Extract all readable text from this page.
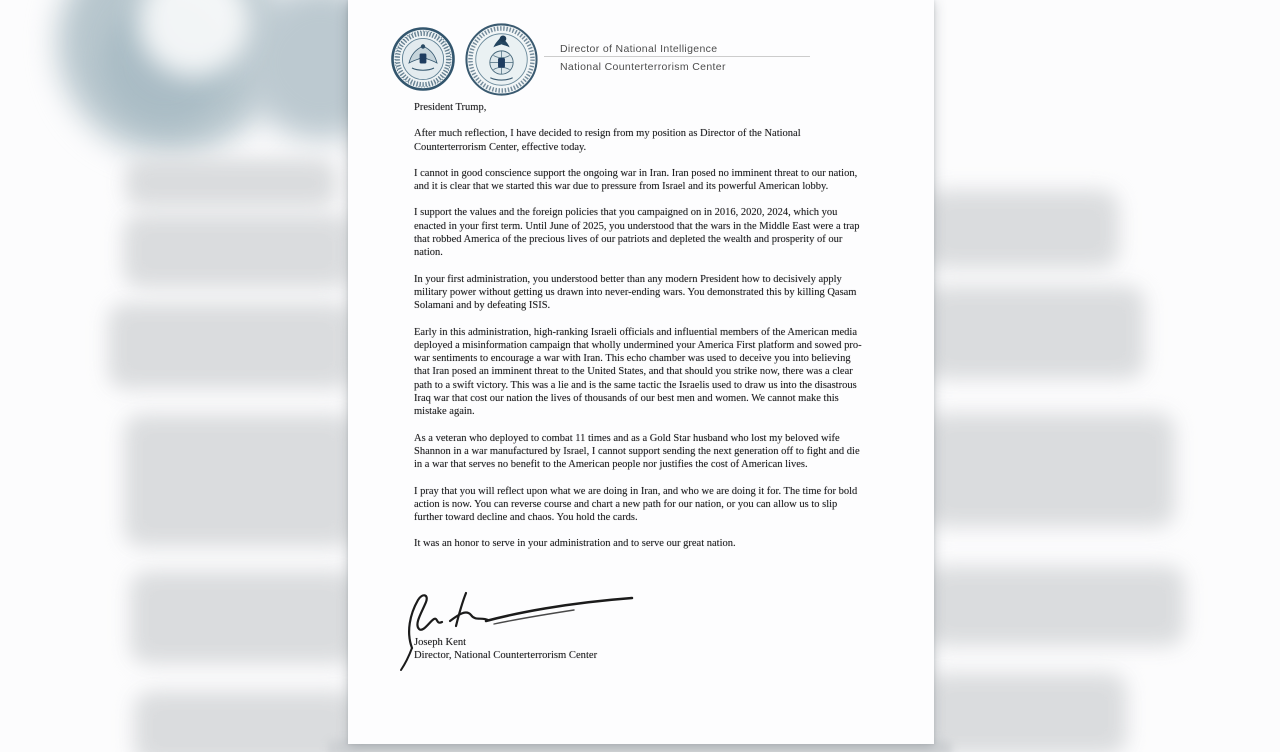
Director of National Intelligence
National Counterterrorism Center

President Trump,

After much reflection, I have decided to resign from my position as Director of the National Counterterrorism Center, effective today.

I cannot in good conscience support the ongoing war in Iran. Iran posed no imminent threat to our nation, and it is clear that we started this war due to pressure from Israel and its powerful American lobby.

I support the values and the foreign policies that you campaigned on in 2016, 2020, 2024, which you enacted in your first term. Until June of 2025, you understood that the wars in the Middle East were a trap that robbed America of the precious lives of our patriots and depleted the wealth and prosperity of our nation.

In your first administration, you understood better than any modern President how to decisively apply military power without getting us drawn into never-ending wars. You demonstrated this by killing Qasam Solamani and by defeating ISIS.

Early in this administration, high-ranking Israeli officials and influential members of the American media deployed a misinformation campaign that wholly undermined your America First platform and sowed pro-war sentiments to encourage a war with Iran. This echo chamber was used to deceive you into believing that Iran posed an imminent threat to the United States, and that should you strike now, there was a clear path to a swift victory. This was a lie and is the same tactic the Israelis used to draw us into the disastrous Iraq war that cost our nation the lives of thousands of our best men and women. We cannot make this mistake again.

As a veteran who deployed to combat 11 times and as a Gold Star husband who lost my beloved wife Shannon in a war manufactured by Israel, I cannot support sending the next generation off to fight and die in a war that serves no benefit to the American people nor justifies the cost of American lives.

I pray that you will reflect upon what we are doing in Iran, and who we are doing it for. The time for bold action is now. You can reverse course and chart a new path for our nation, or you can allow us to slip further toward decline and chaos. You hold the cards.

It was an honor to serve in your administration and to serve our great nation.

Joseph Kent
Director, National Counterterrorism Center
